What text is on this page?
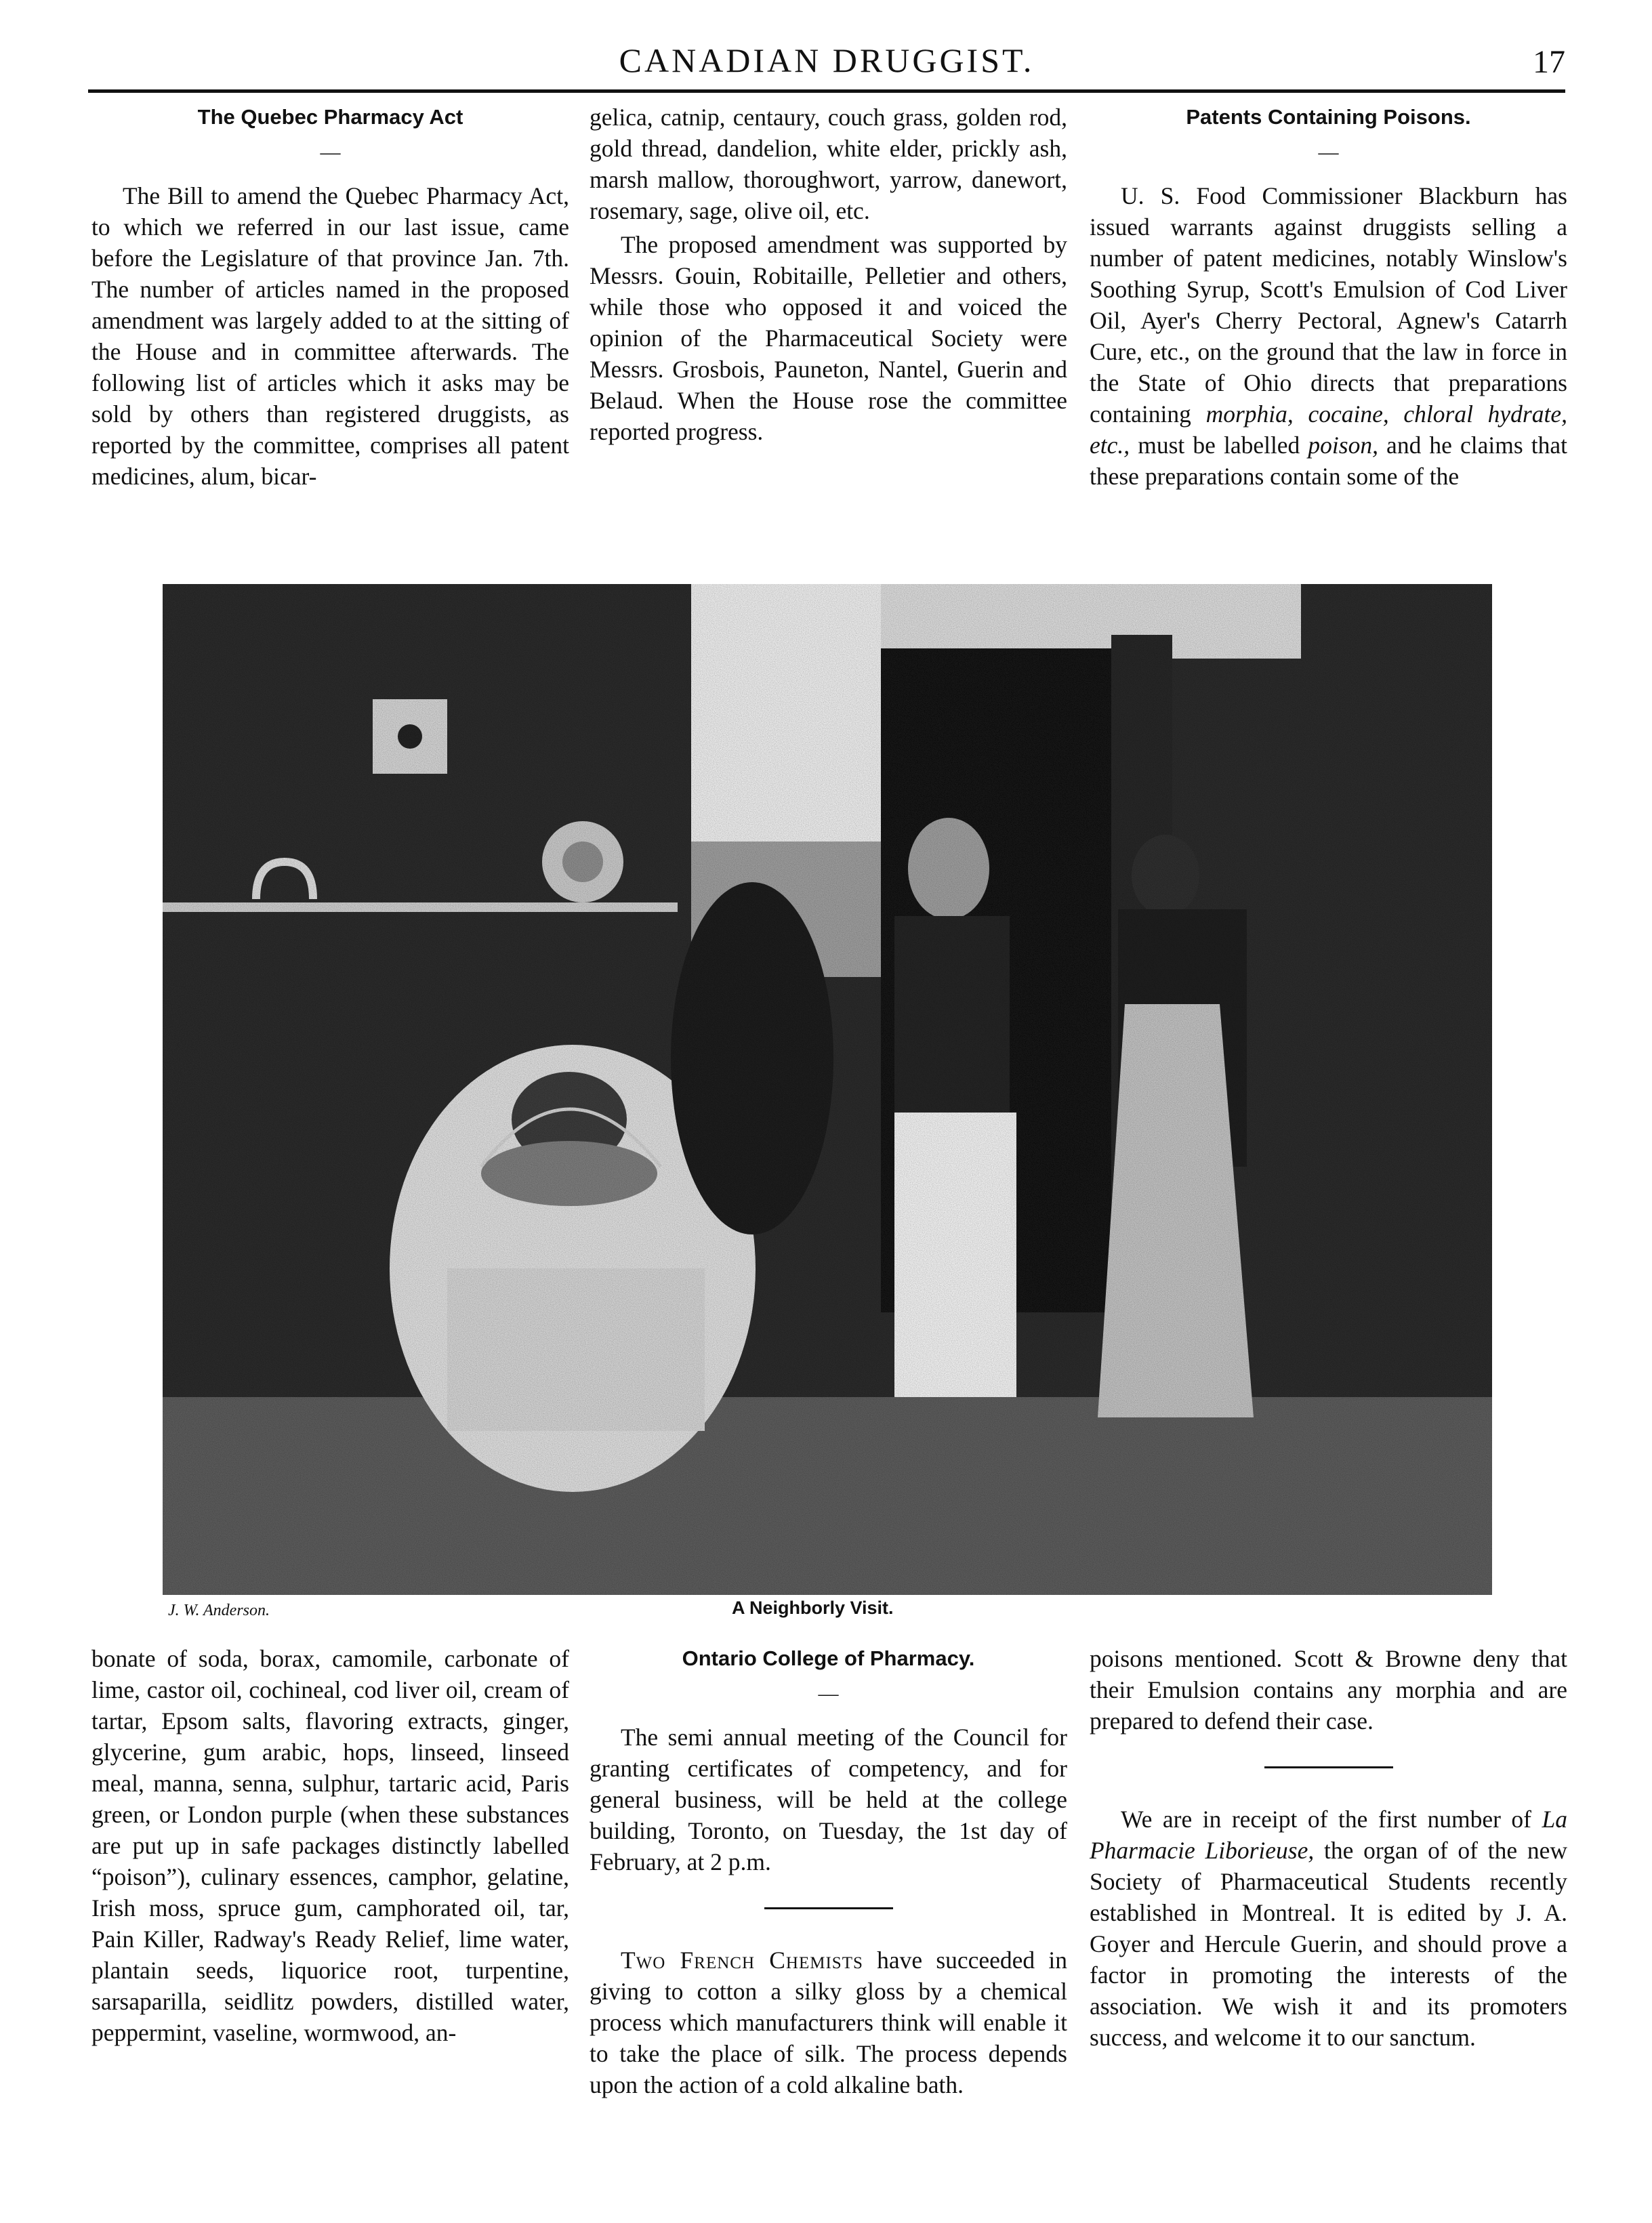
CANADIAN DRUGGIST.	17
The Quebec Pharmacy Act
—

The Bill to amend the Quebec Pharmacy Act, to which we referred in our last issue, came before the Legislature of that province Jan. 7th. The number of articles named in the proposed amendment was largely added to at the sitting of the House and in committee afterwards. The following list of articles which it asks may be sold by others than registered druggists, as reported by the committee, comprises all patent medicines, alum, bicar-

gelica, catnip, centaury, couch grass, golden rod, gold thread, dandelion, white elder, prickly ash, marsh mallow, thoroughwort, yarrow, danewort, rosemary, sage, olive oil, etc.

The proposed amendment was supported by Messrs. Gouin, Robitaille, Pelletier and others, while those who opposed it and voiced the opinion of the Pharmaceutical Society were Messrs. Grosbois, Pauneton, Nantel, Guerin and Belaud. When the House rose the committee reported progress.

Patents Containing Poisons.
—

U. S. Food Commissioner Blackburn has issued warrants against druggists selling a number of patent medicines, notably Winslow's Soothing Syrup, Scott's Emulsion of Cod Liver Oil, Ayer's Cherry Pectoral, Agnew's Catarrh Cure, etc., on the ground that the law in force in the State of Ohio directs that preparations containing morphia, cocaine, chloral hydrate, etc., must be labelled poison, and he claims that these preparations contain some of the

J. W. Anderson.	A Neighborly Visit.

bonate of soda, borax, camomile, carbonate of lime, castor oil, cochineal, cod liver oil, cream of tartar, Epsom salts, flavoring extracts, ginger, glycerine, gum arabic, hops, linseed, linseed meal, manna, senna, sulphur, tartaric acid, Paris green, or London purple (when these substances are put up in safe packages distinctly labelled “poison”), culinary essences, camphor, gelatine, Irish moss, spruce gum, camphorated oil, tar, Pain Killer, Radway's Ready Relief, lime water, plantain seeds, liquorice root, turpentine, sarsaparilla, seidlitz powders, distilled water, peppermint, vaseline, wormwood, an-

Ontario College of Pharmacy.
—

The semi annual meeting of the Council for granting certificates of competency, and for general business, will be held at the college building, Toronto, on Tuesday, the 1st day of February, at 2 p.m.

Two French Chemists have succeeded in giving to cotton a silky gloss by a chemical process which manufacturers think will enable it to take the place of silk. The process depends upon the action of a cold alkaline bath.

poisons mentioned. Scott & Browne deny that their Emulsion contains any morphia and are prepared to defend their case.

We are in receipt of the first number of La Pharmacie Liborieuse, the organ of of the new Society of Pharmaceutical Students recently established in Montreal. It is edited by J. A. Goyer and Hercule Guerin, and should prove a factor in promoting the interests of the association. We wish it and its promoters success, and welcome it to our sanctum.
